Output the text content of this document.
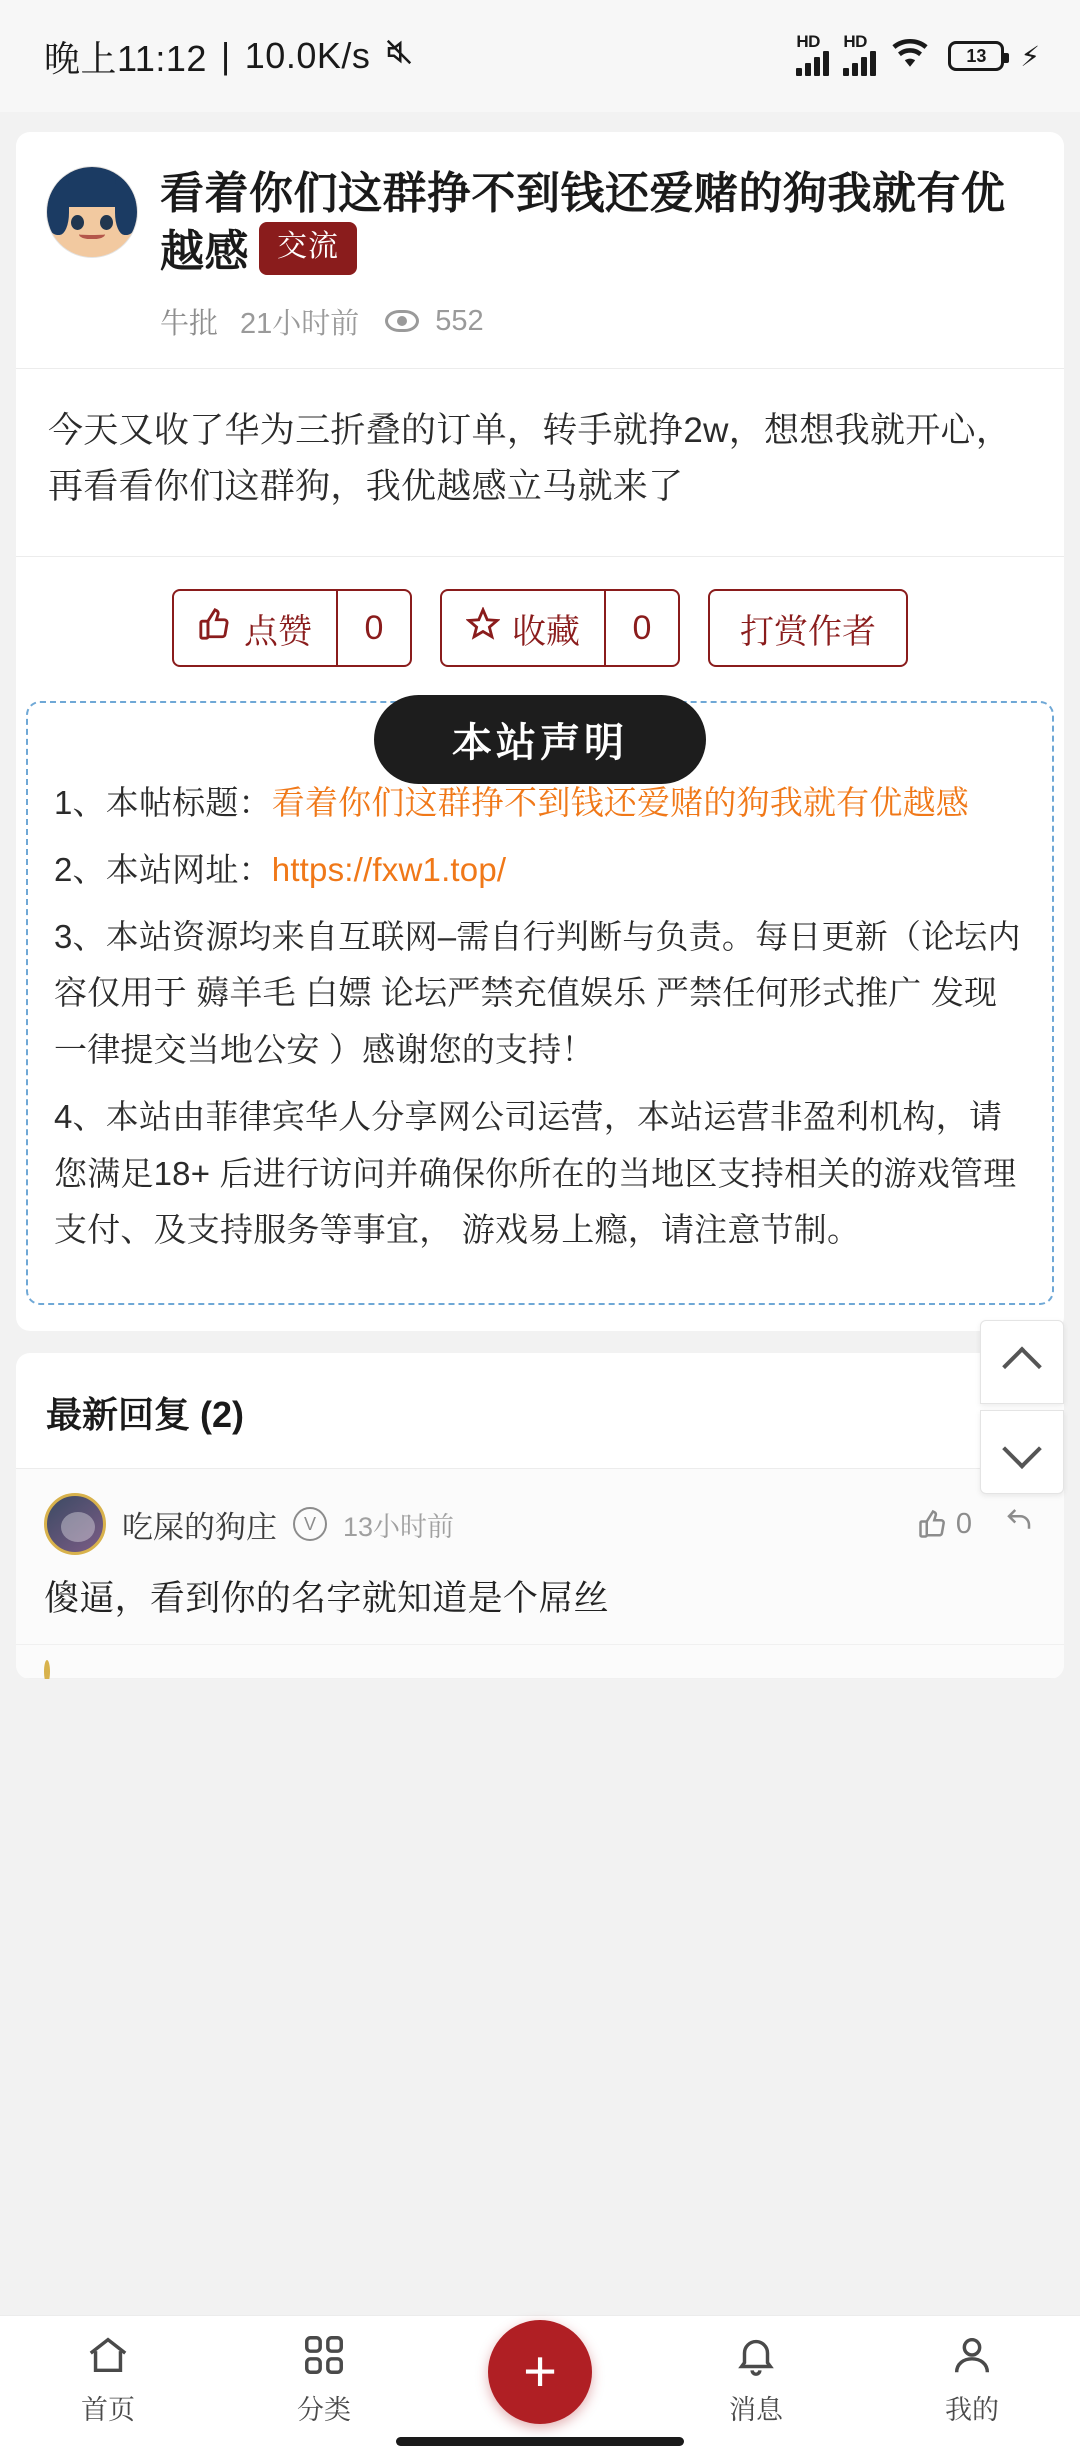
晚上11:12 | 10.0K/s	HD HD
13 ⚡
看着你们这群挣不到钱还爱赌的狗我就有优越感 交流
牛批 21小时前	552
今天又收了华为三折叠的订单，转手就挣2w，想想我就开心，再看看你们这群狗，我优越感立马就来了
点赞	0	收藏	0	打赏作者
本站声明
1、本帖标题：看着你们这群挣不到钱还爱赌的狗我就有优越感
2、本站网址：https://fxw1.top/
3、本站资源均来自互联网–需自行判断与负责。每日更新（论坛内容仅用于 薅羊毛 白嫖 论坛严禁充值娱乐 严禁任何形式推广 发现一律提交当地公安 ）感谢您的支持！
4、本站由菲律宾华人分享网公司运营，本站运营非盈利机构，请您满足18+ 后进行访问并确保你所在的当地区支持相关的游戏管理 支付、及支持服务等事宜， 游戏易上瘾，请注意节制。
最新回复 (2)
吃屎的狗庄	V	13小时前	0
傻逼，看到你的名字就知道是个屌丝
首页	分类
+
消息	我的
